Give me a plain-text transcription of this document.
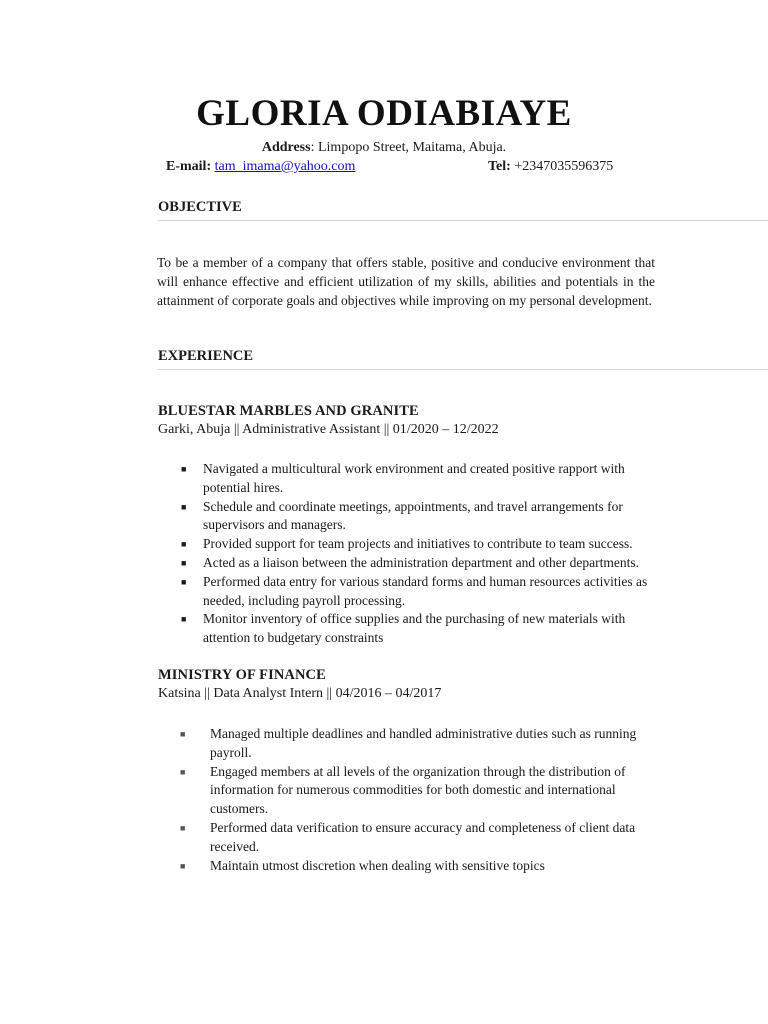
GLORIA ODIABIAYE
Address: Limpopo Street, Maitama, Abuja.
E-mail: tam_imama@yahoo.com	Tel: +2347035596375
OBJECTIVE
To be a member of a company that offers stable, positive and conducive environment that will enhance effective and efficient utilization of my skills, abilities and potentials in the attainment of corporate goals and objectives while improving on my personal development.
EXPERIENCE
BLUESTAR MARBLES AND GRANITE
Garki, Abuja || Administrative Assistant || 01/2020 – 12/2022
■ Navigated a multicultural work environment and created positive rapport with potential hires.
■ Schedule and coordinate meetings, appointments, and travel arrangements for supervisors and managers.
■ Provided support for team projects and initiatives to contribute to team success.
■ Acted as a liaison between the administration department and other departments.
■ Performed data entry for various standard forms and human resources activities as needed, including payroll processing.
■ Monitor inventory of office supplies and the purchasing of new materials with attention to budgetary constraints
MINISTRY OF FINANCE
Katsina || Data Analyst Intern || 04/2016 – 04/2017
■ Managed multiple deadlines and handled administrative duties such as running payroll.
■ Engaged members at all levels of the organization through the distribution of information for numerous commodities for both domestic and international customers.
■ Performed data verification to ensure accuracy and completeness of client data received.
■ Maintain utmost discretion when dealing with sensitive topics
